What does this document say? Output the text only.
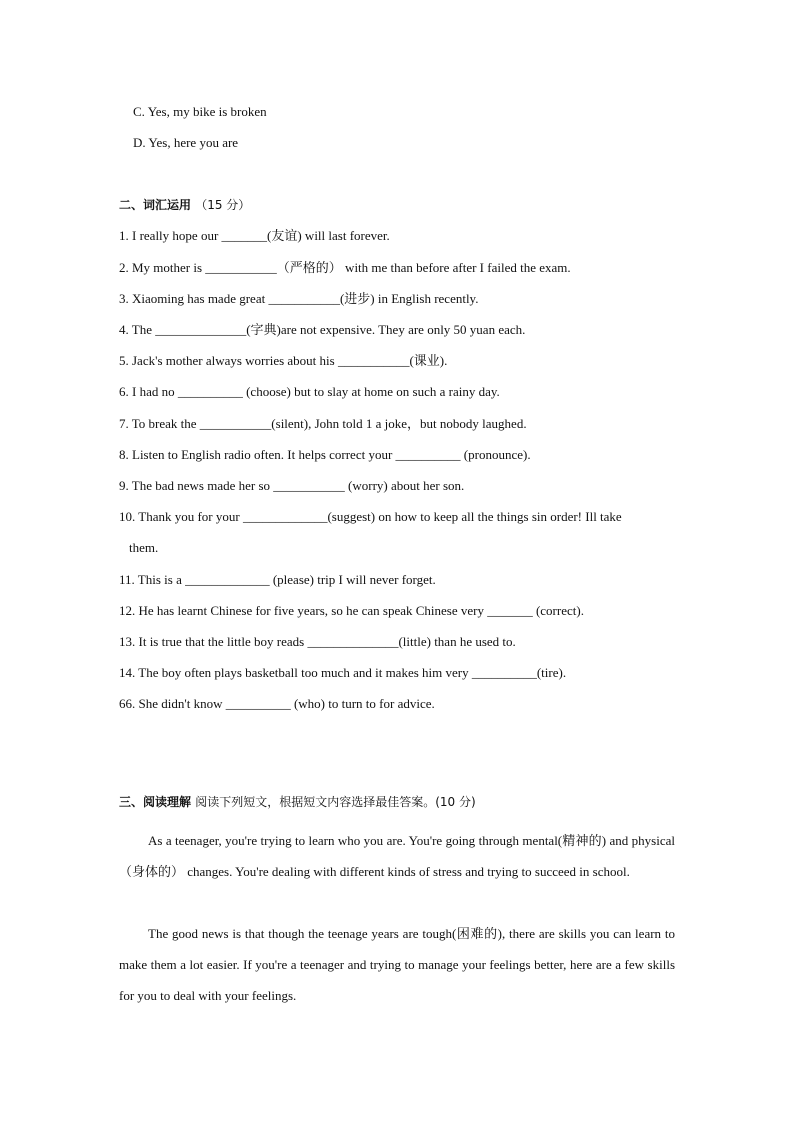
C. Yes, my bike is broken
D. Yes, here you are
二、词汇运用 （15 分）
1. I really hope our _______(友谊) will last forever.
2. My mother is ___________（严格的） with me than before after I failed the exam.
3. Xiaoming has made great ___________(进步) in English recently.
4. The ______________(字典)are not expensive. They are only 50 yuan each.
5. Jack's mother always worries about his ___________(课业).
6. I had no __________ (choose) but to slay at home on such a rainy day.
7. To break the ___________(silent), John told 1 a joke，but nobody laughed.
8. Listen to English radio often. It helps correct your __________ (pronounce).
9. The bad news made her so ___________ (worry) about her son.
10. Thank you for your _____________(suggest) on how to keep all the things sin order! Ill take
them.
11. This is a _____________ (please) trip I will never forget.
12. He has learnt Chinese for five years, so he can speak Chinese very _______ (correct).
13. It is true that the little boy reads ______________(little) than he used to.
14. The boy often plays basketball too much and it makes him very __________(tire).
66. She didn't know __________ (who) to turn to for advice.
三、阅读理解 阅读下列短文，根据短文内容选择最佳答案。(10 分)
As a teenager, you're trying to learn who you are. You're going through mental(精神的) and physical（身体的） changes. You're dealing with different kinds of stress and trying to succeed in school.
The good news is that though the teenage years are tough(困难的), there are skills you can learn to make them a lot easier. If you're a teenager and trying to manage your feelings better, here are a few skills for you to deal with your feelings.
